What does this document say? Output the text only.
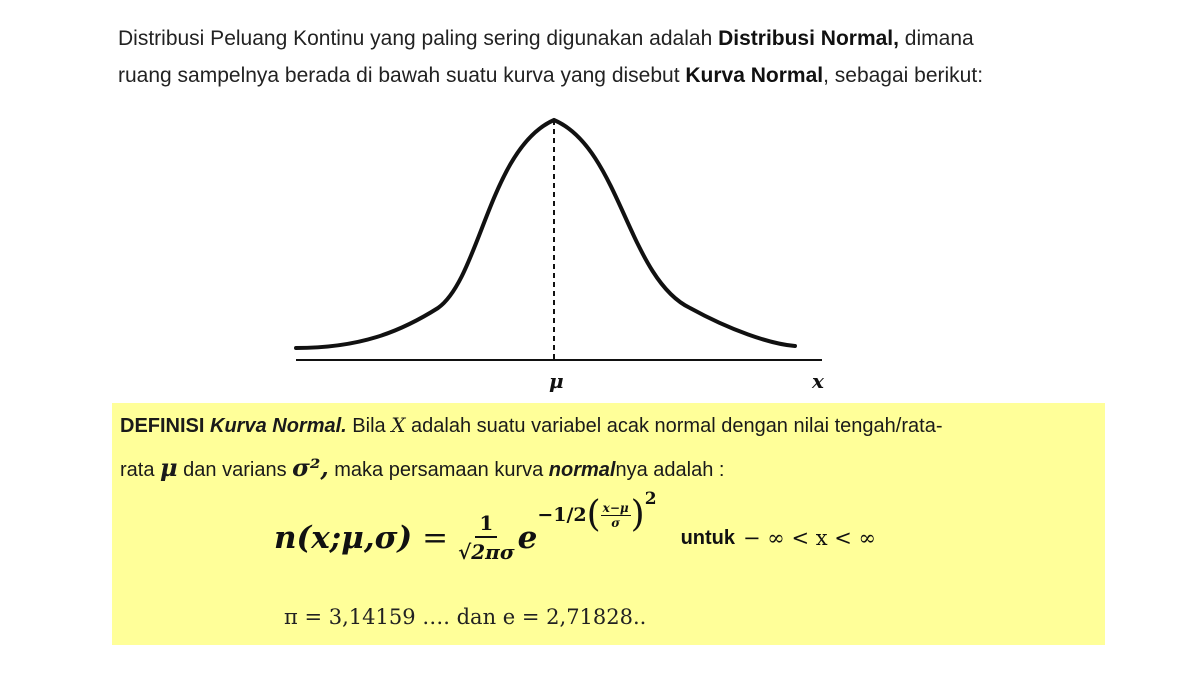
Distribusi Peluang Kontinu yang paling sering digunakan adalah Distribusi Normal, dimana
ruang sampelnya berada di bawah suatu kurva yang disebut Kurva Normal, sebagai berikut:
μ	x
DEFINISI Kurva Normal. Bila X adalah suatu variabel acak normal dengan nilai tengah/rata-
rata μ dan varians σ², maka persamaan kurva normalnya adalah :
n(x;μ,σ) = $\frac{1}{√2\pi\sigma}$ e
−1/2 ( $\frac{x-\mu}{\sigma}$ ) 2
untuk − ∞ < x < ∞
π = 3,14159 …. dan e = 2,71828..
